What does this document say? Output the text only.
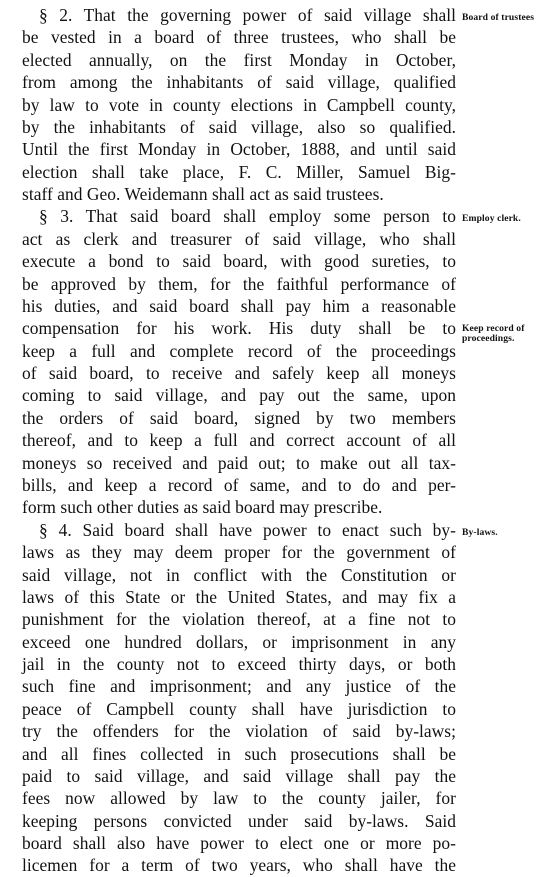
§ 2. That the governing power of said village shall
be vested in a board of three trustees, who shall be
elected annually, on the first Monday in October,
from among the inhabitants of said village, qualified
by law to vote in county elections in Campbell county,
by the inhabitants of said village, also so qualified.
Until the first Monday in October, 1888, and until said
election shall take place, F. C. Miller, Samuel Big-
staff and Geo. Weidemann shall act as said trustees.
Board of trustees
§ 3. That said board shall employ some person to
act as clerk and treasurer of said village, who shall
execute a bond to said board, with good sureties, to
be approved by them, for the faithful performance of
his duties, and said board shall pay him a reasonable
compensation for his work. His duty shall be to
keep a full and complete record of the proceedings
of said board, to receive and safely keep all moneys
coming to said village, and pay out the same, upon
the orders of said board, signed by two members
thereof, and to keep a full and correct account of all
moneys so received and paid out; to make out all tax-
bills, and keep a record of same, and to do and per-
form such other duties as said board may prescribe.
Employ clerk.
Keep record of
proceedings.
§ 4. Said board shall have power to enact such by-
laws as they may deem proper for the government of
said village, not in conflict with the Constitution or
laws of this State or the United States, and may fix a
punishment for the violation thereof, at a fine not to
exceed one hundred dollars, or imprisonment in any
jail in the county not to exceed thirty days, or both
such fine and imprisonment; and any justice of the
peace of Campbell county shall have jurisdiction to
try the offenders for the violation of said by-laws;
and all fines collected in such prosecutions shall be
paid to said village, and said village shall pay the
fees now allowed by law to the county jailer, for
keeping persons convicted under said by-laws. Said
board shall also have power to elect one or more po-
licemen for a term of two years, who shall have the
By-laws.
